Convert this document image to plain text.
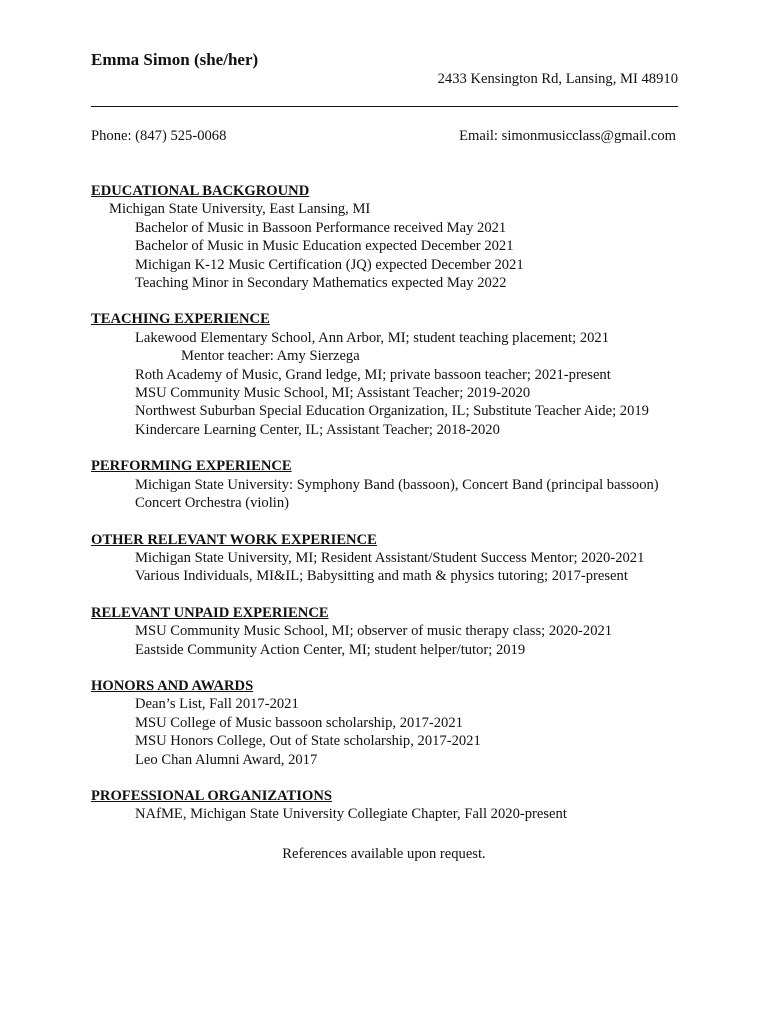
Emma Simon (she/her)
2433 Kensington Rd, Lansing, MI 48910
Phone: (847) 525-0068	Email: simonmusicclass@gmail.com
EDUCATIONAL BACKGROUND
Michigan State University, East Lansing, MI
Bachelor of Music in Bassoon Performance received May 2021
Bachelor of Music in Music Education expected December 2021
Michigan K-12 Music Certification (JQ) expected December 2021
Teaching Minor in Secondary Mathematics expected May 2022
TEACHING EXPERIENCE
Lakewood Elementary School, Ann Arbor, MI; student teaching placement; 2021
Mentor teacher: Amy Sierzega
Roth Academy of Music, Grand ledge, MI; private bassoon teacher; 2021-present
MSU Community Music School, MI; Assistant Teacher; 2019-2020
Northwest Suburban Special Education Organization, IL; Substitute Teacher Aide; 2019
Kindercare Learning Center, IL; Assistant Teacher; 2018-2020
PERFORMING EXPERIENCE
Michigan State University: Symphony Band (bassoon), Concert Band (principal bassoon)
Concert Orchestra (violin)
OTHER RELEVANT WORK EXPERIENCE
Michigan State University, MI; Resident Assistant/Student Success Mentor; 2020-2021
Various Individuals, MI&IL; Babysitting and math & physics tutoring; 2017-present
RELEVANT UNPAID EXPERIENCE
MSU Community Music School, MI; observer of music therapy class; 2020-2021
Eastside Community Action Center, MI; student helper/tutor; 2019
HONORS AND AWARDS
Dean’s List, Fall 2017-2021
MSU College of Music bassoon scholarship, 2017-2021
MSU Honors College, Out of State scholarship, 2017-2021
Leo Chan Alumni Award, 2017
PROFESSIONAL ORGANIZATIONS
NAfME, Michigan State University Collegiate Chapter, Fall 2020-present
References available upon request.
